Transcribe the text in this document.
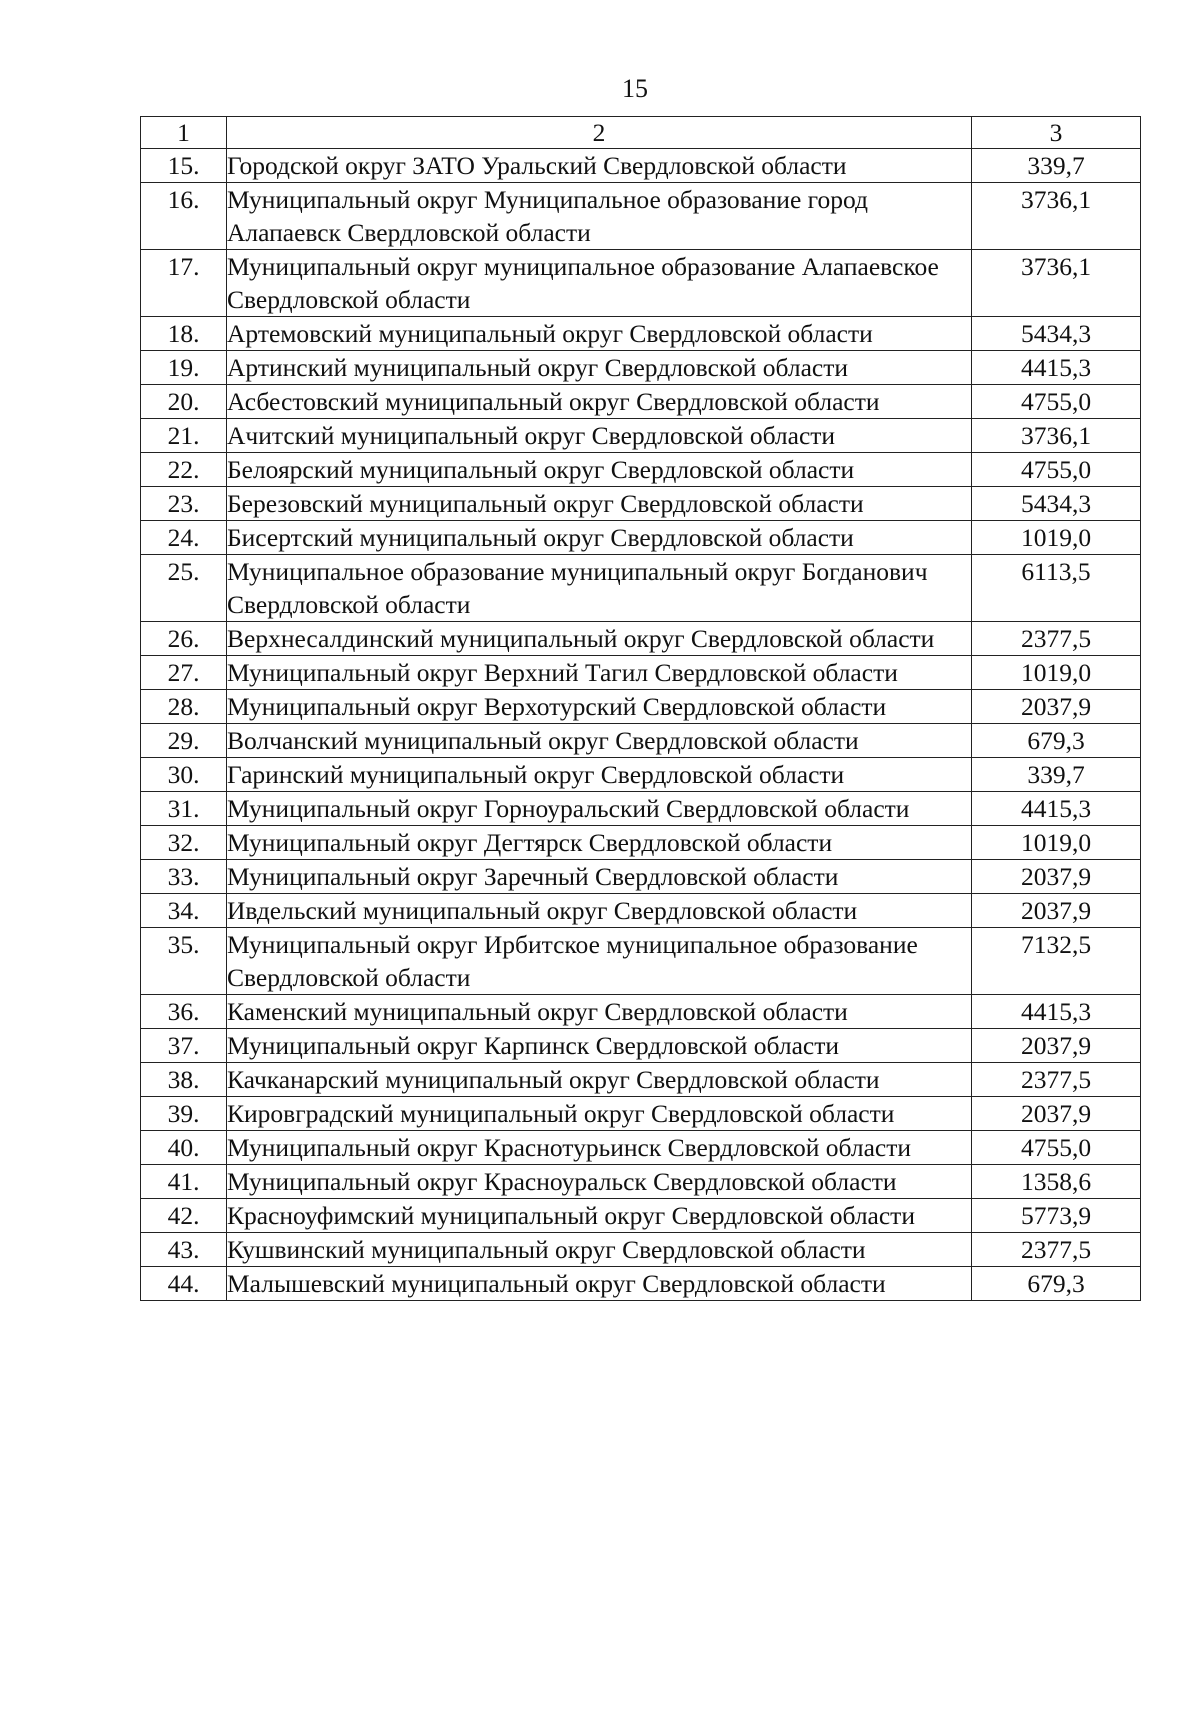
15
1	2	3
15.	Городской округ ЗАТО Уральский Свердловской области	339,7
16.	Муниципальный округ Муниципальное образование город Алапаевск Свердловской области	3736,1
17.	Муниципальный округ муниципальное образование Алапаевское Свердловской области	3736,1
18.	Артемовский муниципальный округ Свердловской области	5434,3
19.	Артинский муниципальный округ Свердловской области	4415,3
20.	Асбестовский муниципальный округ Свердловской области	4755,0
21.	Ачитский муниципальный округ Свердловской области	3736,1
22.	Белоярский муниципальный округ Свердловской области	4755,0
23.	Березовский муниципальный округ Свердловской области	5434,3
24.	Бисертский муниципальный округ Свердловской области	1019,0
25.	Муниципальное образование муниципальный округ Богданович Свердловской области	6113,5
26.	Верхнесалдинский муниципальный округ Свердловской области	2377,5
27.	Муниципальный округ Верхний Тагил Свердловской области	1019,0
28.	Муниципальный округ Верхотурский Свердловской области	2037,9
29.	Волчанский муниципальный округ Свердловской области	679,3
30.	Гаринский муниципальный округ Свердловской области	339,7
31.	Муниципальный округ Горноуральский Свердловской области	4415,3
32.	Муниципальный округ Дегтярск Свердловской области	1019,0
33.	Муниципальный округ Заречный Свердловской области	2037,9
34.	Ивдельский муниципальный округ Свердловской области	2037,9
35.	Муниципальный округ Ирбитское муниципальное образование Свердловской области	7132,5
36.	Каменский муниципальный округ Свердловской области	4415,3
37.	Муниципальный округ Карпинск Свердловской области	2037,9
38.	Качканарский муниципальный округ Свердловской области	2377,5
39.	Кировградский муниципальный округ Свердловской области	2037,9
40.	Муниципальный округ Краснотурьинск Свердловской области	4755,0
41.	Муниципальный округ Красноуральск Свердловской области	1358,6
42.	Красноуфимский муниципальный округ Свердловской области	5773,9
43.	Кушвинский муниципальный округ Свердловской области	2377,5
44.	Малышевский муниципальный округ Свердловской области	679,3
